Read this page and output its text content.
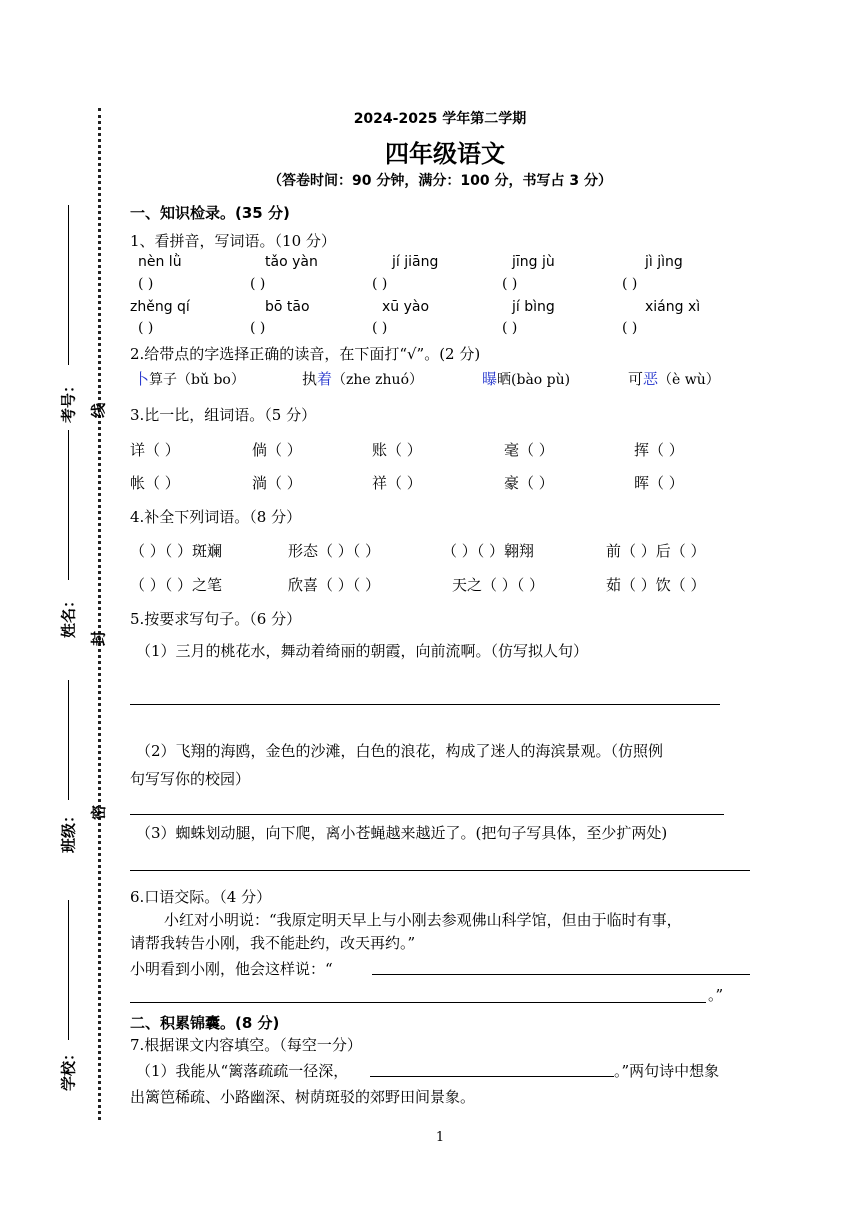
考号：
姓名：
班级：
学校：
线
封
密
2024-2025 学年第二学期
四年级语文
（答卷时间：90 分钟，满分：100 分，书写占 3 分）
一、知识检录。(35 分)
1、看拼音，写词语。（10 分）
nèn lǜ	tǎo yàn	jí jiāng	jīng jù	jì jìng
( )	( )	( )	( )	( )
zhěng qí	bō tāo	xū yào	jí bìng	xiáng xì
( )	( )	( )	( )	( )
2.给带点的字选择正确的读音，在下面打“√”。(2 分)
卜算子（bǔ bo）	执着（zhe zhuó）	曝晒(bào pù)	可恶（è wù）
3.比一比，组词语。（5 分）
详（ ）	倘（ ）	账（ ）	毫（ ）	挥（ ）
帐（ ）	淌（ ）	祥（ ）	豪（ ）	晖（ ）
4.补全下列词语。（8 分）
（ ）（ ）斑斓	形态（ ）（ ）	（ ）（ ）翱翔	前（ ）后（ ）
（ ）（ ）之笔	欣喜（ ）（ ）	天之（ ）（ ）	茹（ ）饮（ ）
5.按要求写句子。（6 分）
（1）三月的桃花水，舞动着绮丽的朝霞，向前流啊。（仿写拟人句）
（2）飞翔的海鸥，金色的沙滩，白色的浪花，构成了迷人的海滨景观。（仿照例
句写写你的校园）
（3）蜘蛛划动腿，向下爬，离小苍蝇越来越近了。(把句子写具体，至少扩两处)
6.口语交际。（4 分）
小红对小明说：“我原定明天早上与小刚去参观佛山科学馆，但由于临时有事，
请帮我转告小刚，我不能赴约，改天再约。”
小明看到小刚，他会这样说：“
。”
二、积累锦囊。(8 分)
7.根据课文内容填空。（每空一分）
（1）我能从“篱落疏疏一径深，	。”两句诗中想象
出篱笆稀疏、小路幽深、树荫斑驳的郊野田间景象。
1
